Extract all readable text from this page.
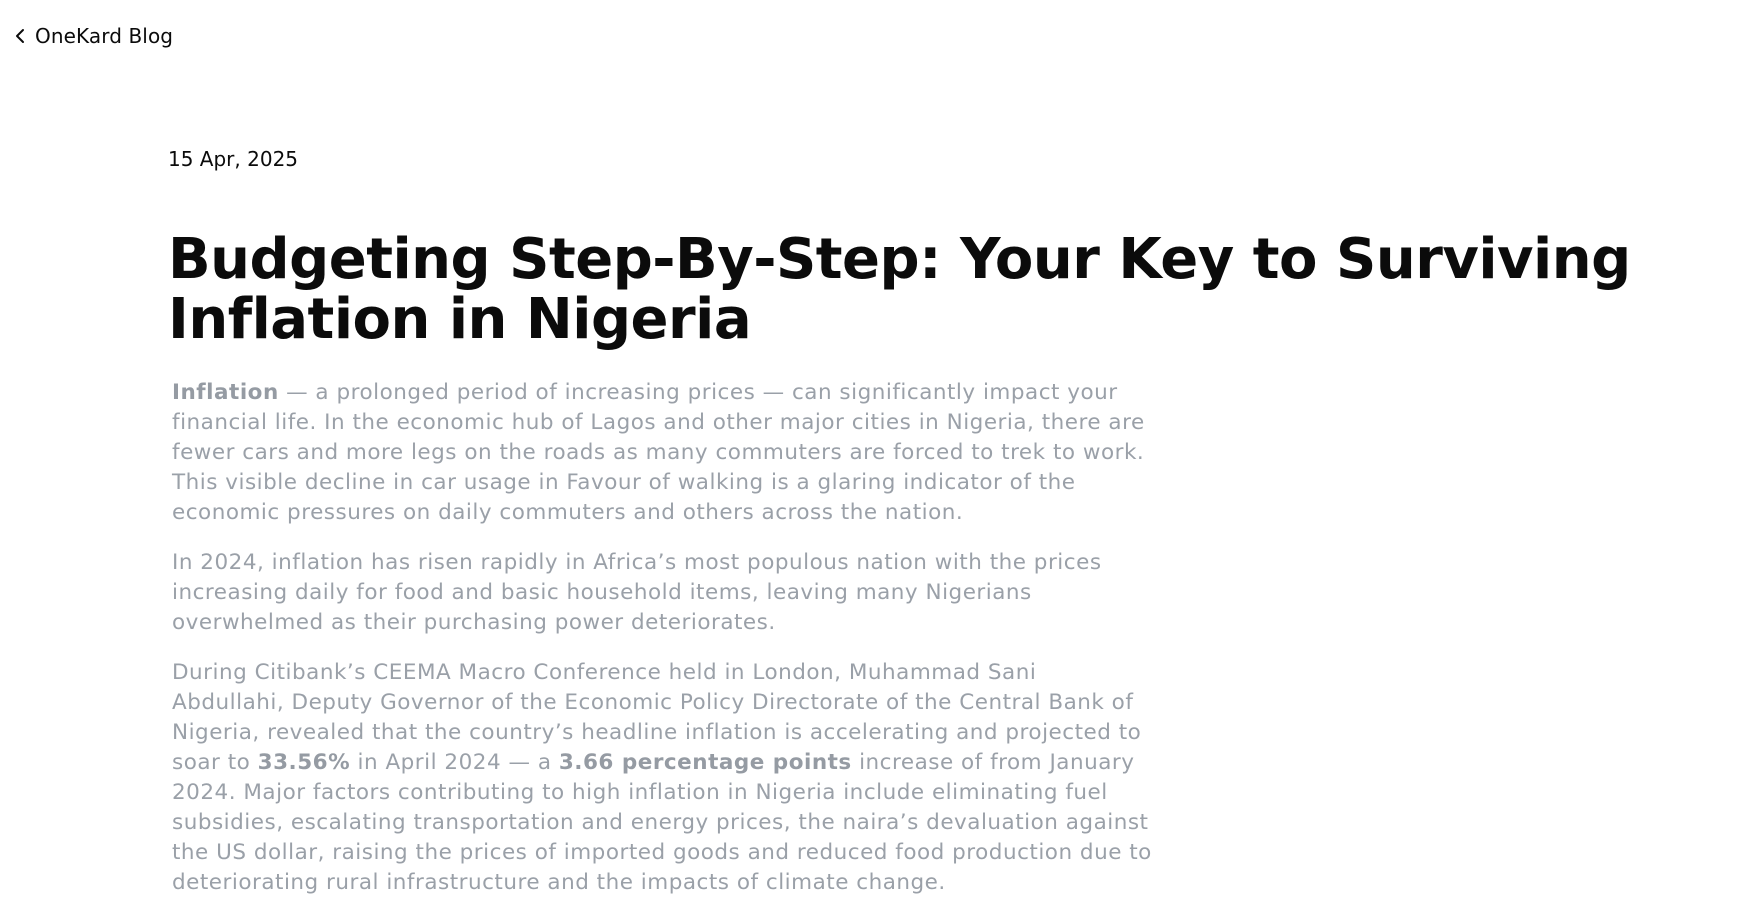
OneKard Blog

15 Apr, 2025

Budgeting Step-By-Step: Your Key to Surviving Inflation in Nigeria

Inflation — a prolonged period of increasing prices — can significantly impact your financial life. In the economic hub of Lagos and other major cities in Nigeria, there are fewer cars and more legs on the roads as many commuters are forced to trek to work. This visible decline in car usage in Favour of walking is a glaring indicator of the economic pressures on daily commuters and others across the nation.

In 2024, inflation has risen rapidly in Africa’s most populous nation with the prices increasing daily for food and basic household items, leaving many Nigerians overwhelmed as their purchasing power deteriorates.

During Citibank’s CEEMA Macro Conference held in London, Muhammad Sani Abdullahi, Deputy Governor of the Economic Policy Directorate of the Central Bank of Nigeria, revealed that the country’s headline inflation is accelerating and projected to soar to 33.56% in April 2024 — a 3.66 percentage points increase of from January 2024. Major factors contributing to high inflation in Nigeria include eliminating fuel subsidies, escalating transportation and energy prices, the naira’s devaluation against the US dollar, raising the prices of imported goods and reduced food production due to deteriorating rural infrastructure and the impacts of climate change.
